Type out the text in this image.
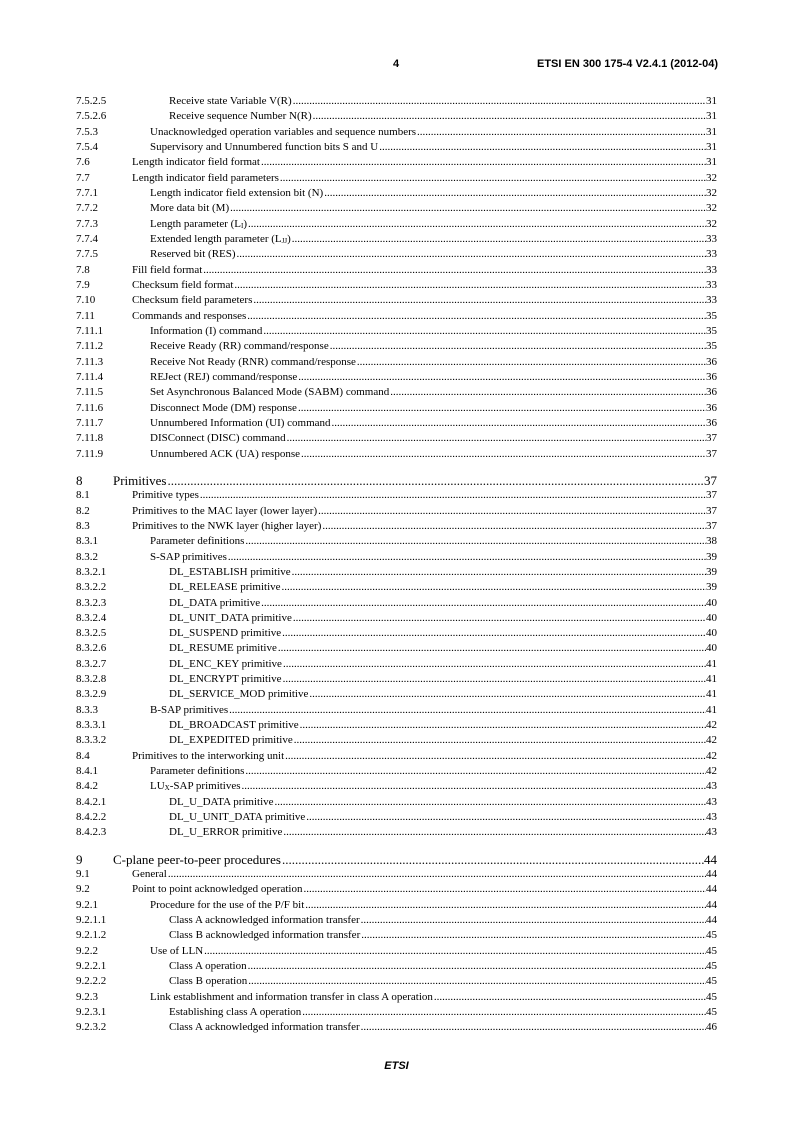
4	ETSI EN 300 175-4 V2.4.1 (2012-04)
7.5.2.5	Receive state Variable V(R) .....	31
7.5.2.6	Receive sequence Number N(R) .....	31
7.5.3	Unacknowledged operation variables and sequence numbers .....	31
7.5.4	Supervisory and Unnumbered function bits S and U .....	31
7.6	Length indicator field format .....	31
7.7	Length indicator field parameters .....	32
7.7.1	Length indicator field extension bit (N) .....	32
7.7.2	More data bit (M) .....	32
7.7.3	Length parameter $(L_I)$ .....	32
7.7.4	Extended length parameter $(L_{JJ})$ .....	33
7.7.5	Reserved bit (RES) .....	33
7.8	Fill field format .....	33
7.9	Checksum field format .....	33
7.10	Checksum field parameters .....	33
7.11	Commands and responses .....	35
7.11.1	Information (I) command .....	35
7.11.2	Receive Ready (RR) command/response .....	35
7.11.3	Receive Not Ready (RNR) command/response .....	36
7.11.4	REJect (REJ) command/response .....	36
7.11.5	Set Asynchronous Balanced Mode (SABM) command .....	36
7.11.6	Disconnect Mode (DM) response .....	36
7.11.7	Unnumbered Information (UI) command .....	36
7.11.8	DISConnect (DISC) command .....	37
7.11.9	Unnumbered ACK (UA) response .....	37
8 Primitives .....	37
8.1	Primitive types .....	37
8.2	Primitives to the MAC layer (lower layer) .....	37
8.3	Primitives to the NWK layer (higher layer) .....	37
8.3.1	Parameter definitions .....	38
8.3.2	S-SAP primitives .....	39
8.3.2.1	DL_ESTABLISH primitive .....	39
8.3.2.2	DL_RELEASE primitive .....	39
8.3.2.3	DL_DATA primitive .....	40
8.3.2.4	DL_UNIT_DATA primitive .....	40
8.3.2.5	DL_SUSPEND primitive .....	40
8.3.2.6	DL_RESUME primitive .....	40
8.3.2.7	DL_ENC_KEY primitive .....	41
8.3.2.8	DL_ENCRYPT primitive .....	41
8.3.2.9	DL_SERVICE_MOD primitive .....	41
8.3.3	B-SAP primitives .....	41
8.3.3.1	DL_BROADCAST primitive .....	42
8.3.3.2	DL_EXPEDITED primitive .....	42
8.4	Primitives to the interworking unit .....	42
8.4.1	Parameter definitions .....	42
8.4.2	$LU_X$-SAP primitives .....	43
8.4.2.1	DL_U_DATA primitive .....	43
8.4.2.2	DL_U_UNIT_DATA primitive .....	43
8.4.2.3	DL_U_ERROR primitive .....	43
9 C-plane peer-to-peer procedures .....	44
9.1	General .....	44
9.2	Point to point acknowledged operation .....	44
9.2.1	Procedure for the use of the P/F bit .....	44
9.2.1.1	Class A acknowledged information transfer .....	44
9.2.1.2	Class B acknowledged information transfer .....	45
9.2.2	Use of LLN .....	45
9.2.2.1	Class A operation .....	45
9.2.2.2	Class B operation .....	45
9.2.3	Link establishment and information transfer in class A operation .....	45
9.2.3.1	Establishing class A operation .....	45
9.2.3.2	Class A acknowledged information transfer .....	46
ETSI
